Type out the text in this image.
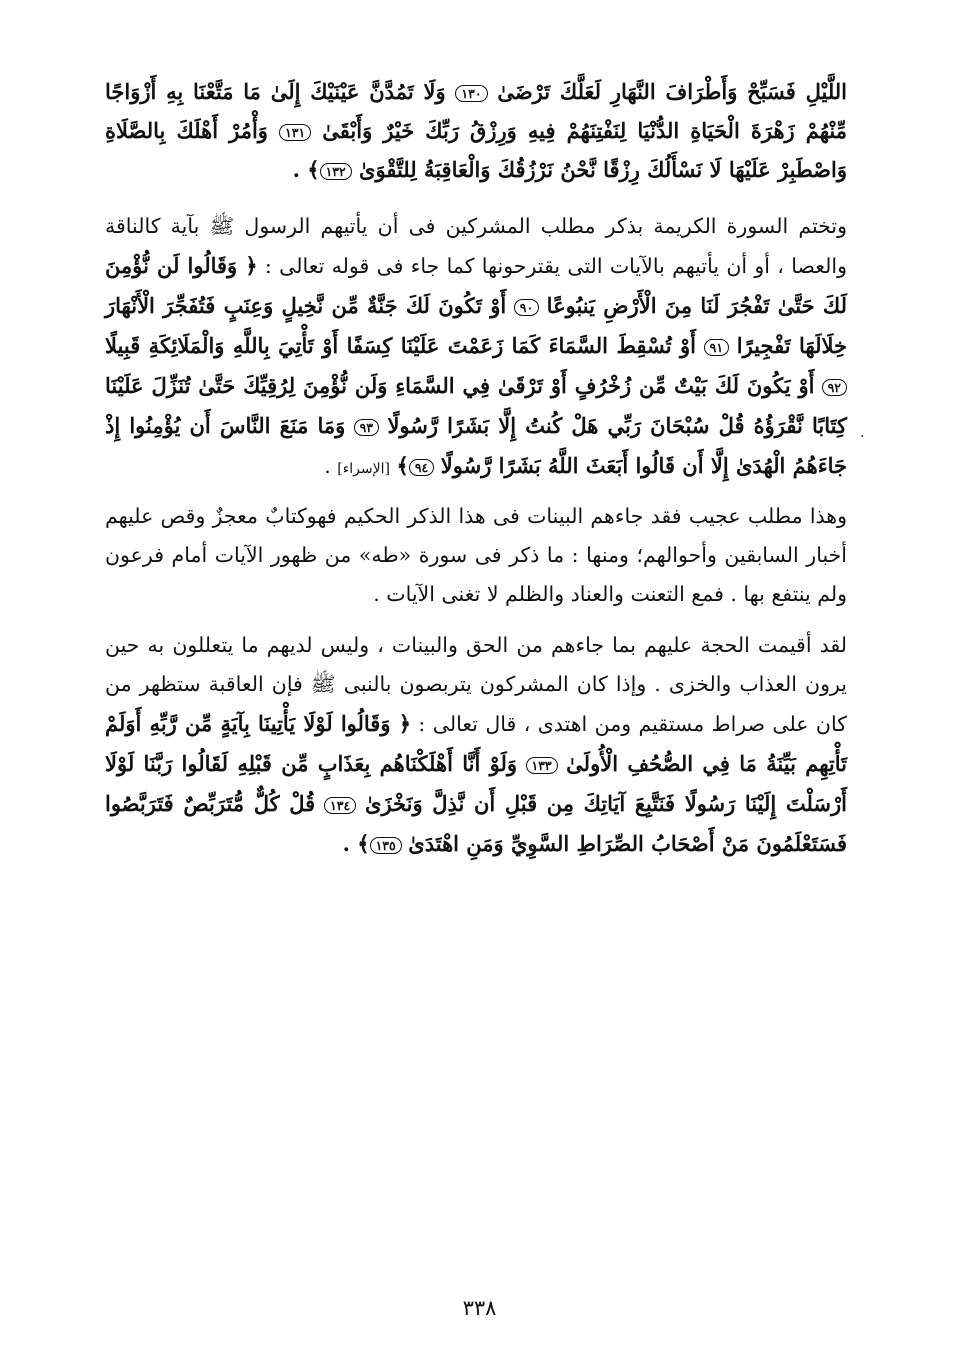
اللَّيْلِ فَسَبِّحْ وَأَطْرَافَ النَّهَارِ لَعَلَّكَ تَرْضَىٰ ١٣٠ وَلَا تَمُدَّنَّ عَيْنَيْكَ إِلَىٰ مَا مَتَّعْنَا بِهِ أَزْوَاجًا مِّنْهُمْ زَهْرَةَ الْحَيَاةِ الدُّنْيَا لِنَفْتِنَهُمْ فِيهِ وَرِزْقُ رَبِّكَ خَيْرٌ وَأَبْقَىٰ ١٣١ وَأْمُرْ أَهْلَكَ بِالصَّلَاةِ وَاصْطَبِرْ عَلَيْهَا لَا نَسْأَلُكَ رِزْقًا نَّحْنُ نَرْزُقُكَ وَالْعَاقِبَةُ لِلتَّقْوَىٰ ١٣٢﴾ .
وتختم السورة الكريمة بذكر مطلب المشركين فى أن يأتيهم الرسول ﷺ بآية كالناقة والعصا ، أو أن يأتيهم بالآيات التى يقترحونها كما جاء فى قوله تعالى : ﴿ وَقَالُوا لَن نُّؤْمِنَ لَكَ حَتَّىٰ تَفْجُرَ لَنَا مِنَ الْأَرْضِ يَنبُوعًا ٩٠ أَوْ تَكُونَ لَكَ جَنَّةٌ مِّن نَّخِيلٍ وَعِنَبٍ فَتُفَجِّرَ الْأَنْهَارَ خِلَالَهَا تَفْجِيرًا ٩١ أَوْ تُسْقِطَ السَّمَاءَ كَمَا زَعَمْتَ عَلَيْنَا كِسَفًا أَوْ تَأْتِيَ بِاللَّهِ وَالْمَلَائِكَةِ قَبِيلًا ٩٢ أَوْ يَكُونَ لَكَ بَيْتٌ مِّن زُخْرُفٍ أَوْ تَرْقَىٰ فِي السَّمَاءِ وَلَن نُّؤْمِنَ لِرُقِيِّكَ حَتَّىٰ تُنَزِّلَ عَلَيْنَا كِتَابًا نَّقْرَؤُهُ قُلْ سُبْحَانَ رَبِّي هَلْ كُنتُ إِلَّا بَشَرًا رَّسُولًا ٩٣ وَمَا مَنَعَ النَّاسَ أَن يُؤْمِنُوا إِذْ جَاءَهُمُ الْهُدَىٰ إِلَّا أَن قَالُوا أَبَعَثَ اللَّهُ بَشَرًا رَّسُولًا ٩٤﴾ [الإسراء] .
وهذا مطلب عجيب فقد جاءهم البينات فى هذا الذكر الحكيم فهوكتابٌ معجزٌ وقص عليهم أخبار السابقين وأحوالهم؛ ومنها : ما ذكر فى سورة «طه» من ظهور الآيات أمام فرعون ولم ينتفع بها . فمع التعنت والعناد والظلم لا تغنى الآيات .
لقد أقيمت الحجة عليهم بما جاءهم من الحق والبينات ، وليس لديهم ما يتعللون به حين يرون العذاب والخزى . وإذا كان المشركون يتربصون بالنبى ﷺ فإن العاقبة ستظهر من كان على صراط مستقيم ومن اهتدى ، قال تعالى : ﴿ وَقَالُوا لَوْلَا يَأْتِينَا بِآيَةٍ مِّن رَّبِّهِ أَوَلَمْ تَأْتِهِم بَيِّنَةُ مَا فِي الصُّحُفِ الْأُولَىٰ ١٣٣ وَلَوْ أَنَّا أَهْلَكْنَاهُم بِعَذَابٍ مِّن قَبْلِهِ لَقَالُوا رَبَّنَا لَوْلَا أَرْسَلْتَ إِلَيْنَا رَسُولًا فَنَتَّبِعَ آيَاتِكَ مِن قَبْلِ أَن نَّذِلَّ وَنَخْزَىٰ ١٣٤ قُلْ كُلٌّ مُّتَرَبِّصٌ فَتَرَبَّصُوا فَسَتَعْلَمُونَ مَنْ أَصْحَابُ الصِّرَاطِ السَّوِيِّ وَمَنِ اهْتَدَىٰ ١٣٥﴾ .
.
٣٣٨
